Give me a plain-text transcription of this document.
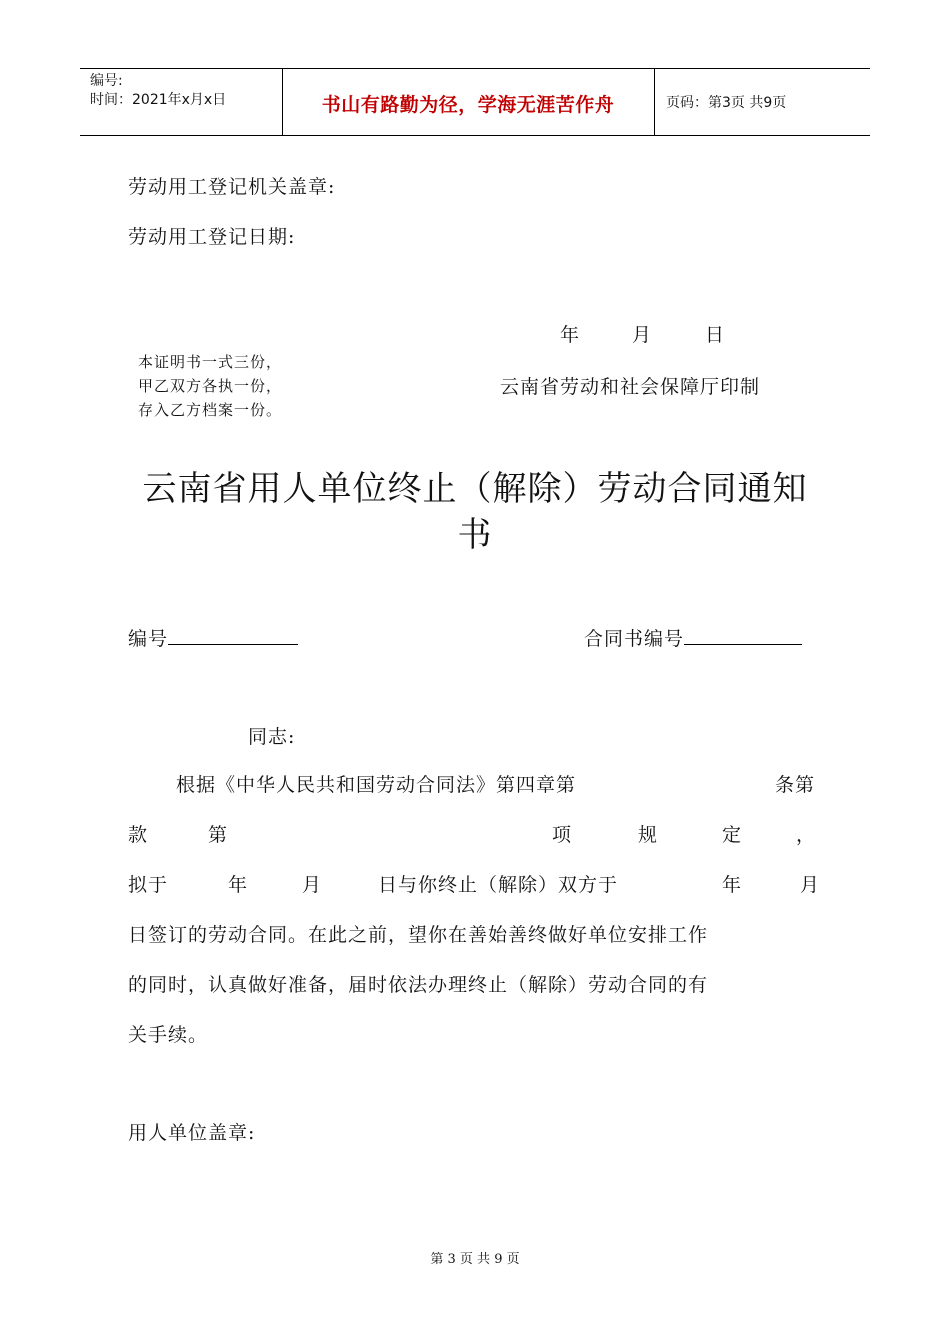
编号:
时间：2021年x月x日	书山有路勤为径，学海无涯苦作舟	页码：第3页 共9页
劳动用工登记机关盖章:
劳动用工登记日期:
年	月	日
本证明书一式三份，
甲乙双方各执一份，
存入乙方档案一份。
云南省劳动和社会保障厅印制
云南省用人单位终止（解除）劳动合同通知
书
编号	合同书编号
同志:
根据《中华人民共和国劳动合同法》第四章第	条第
款	第	项	规	定	，
拟于	年	月	日与你终止（解除）双方于	年	月
日签订的劳动合同。在此之前，望你在善始善终做好单位安排工作
的同时，认真做好准备，届时依法办理终止（解除）劳动合同的有
关手续。
用人单位盖章:
第 3 页 共 9 页
